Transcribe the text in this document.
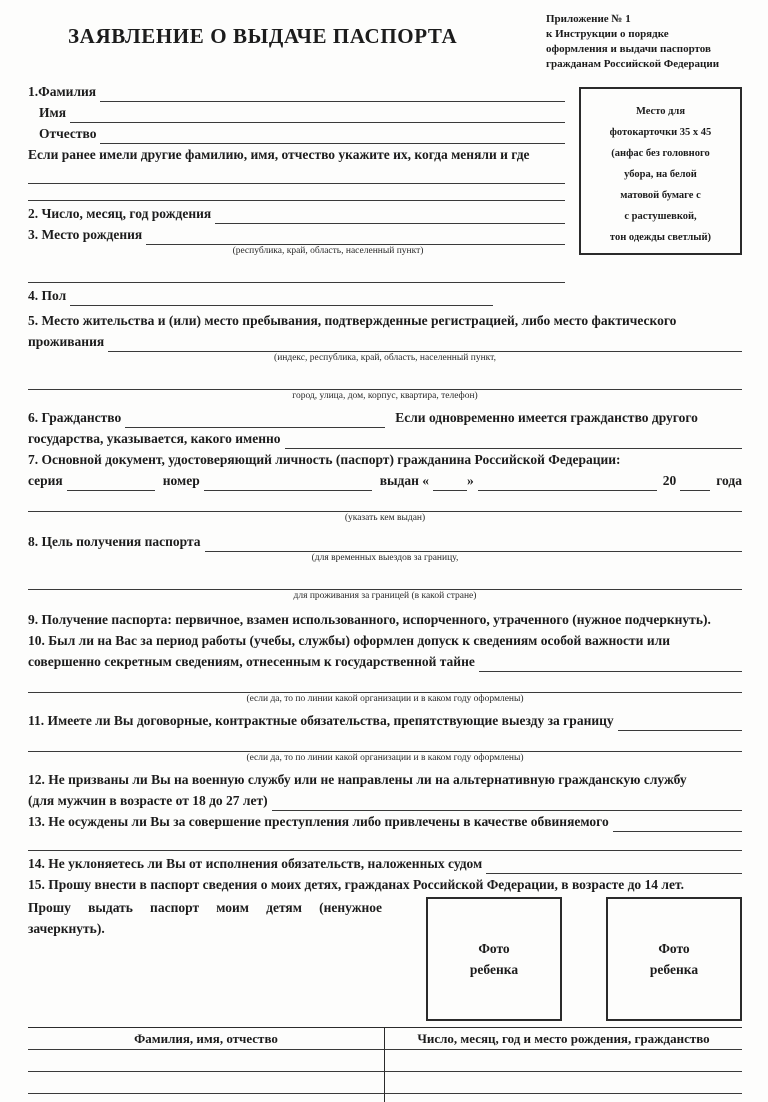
ЗАЯВЛЕНИЕ О ВЫДАЧЕ ПАСПОРТА
Приложение № 1
к Инструкции о порядке
оформления и выдачи паспортов
гражданам Российской Федерации
Место для
фотокарточки 35 х 45
(анфас без головного
убора, на белой
матовой бумаге с
с растушевкой,
тон одежды светлый)
1.Фамилия
Имя
Отчество
Если ранее имели другие фамилию, имя, отчество укажите их, когда меняли и где
2. Число, месяц, год рождения
3. Место рождения
(республика, край, область, населенный пункт)
4. Пол
5. Место жительства и (или) место пребывания, подтвержденные регистрацией, либо место фактического
проживания
(индекс, республика, край, область, населенный пункт,
город, улица, дом, корпус, квартира, телефон)
6. Гражданство	Если одновременно имеется гражданство другого
государства, указывается, какого именно
7. Основной документ, удостоверяющий личность (паспорт) гражданина Российской Федерации:
серия	номер	выдан «	»	20	года
(указать кем выдан)
8. Цель получения паспорта
(для временных выездов за границу,
для проживания за границей (в какой стране)
9. Получение паспорта: первичное, взамен использованного, испорченного, утраченного (нужное подчеркнуть).
10. Был ли на Вас за период работы (учебы, службы) оформлен допуск к сведениям особой важности или
совершенно секретным сведениям, отнесенным к государственной тайне
(если да, то по линии какой организации и в каком году оформлены)
11. Имеете ли Вы договорные, контрактные обязательства, препятствующие выезду за границу
(если да, то по линии какой организации и в каком году оформлены)
12. Не призваны ли Вы на военную службу или не направлены ли на альтернативную гражданскую службу
(для мужчин в возрасте от 18 до 27 лет)
13. Не осуждены ли Вы за совершение преступления либо привлечены в качестве обвиняемого
14. Не уклоняетесь ли Вы от исполнения обязательств, наложенных судом
15. Прошу внести в паспорт сведения о моих детях, гражданах Российской Федерации, в возрасте до 14 лет.
Прошу выдать паспорт моим детям (ненужное зачеркнуть).
Фото
ребенка
Фото
ребенка
Фамилия, имя, отчество	Число, месяц, год и место рождения, гражданство
